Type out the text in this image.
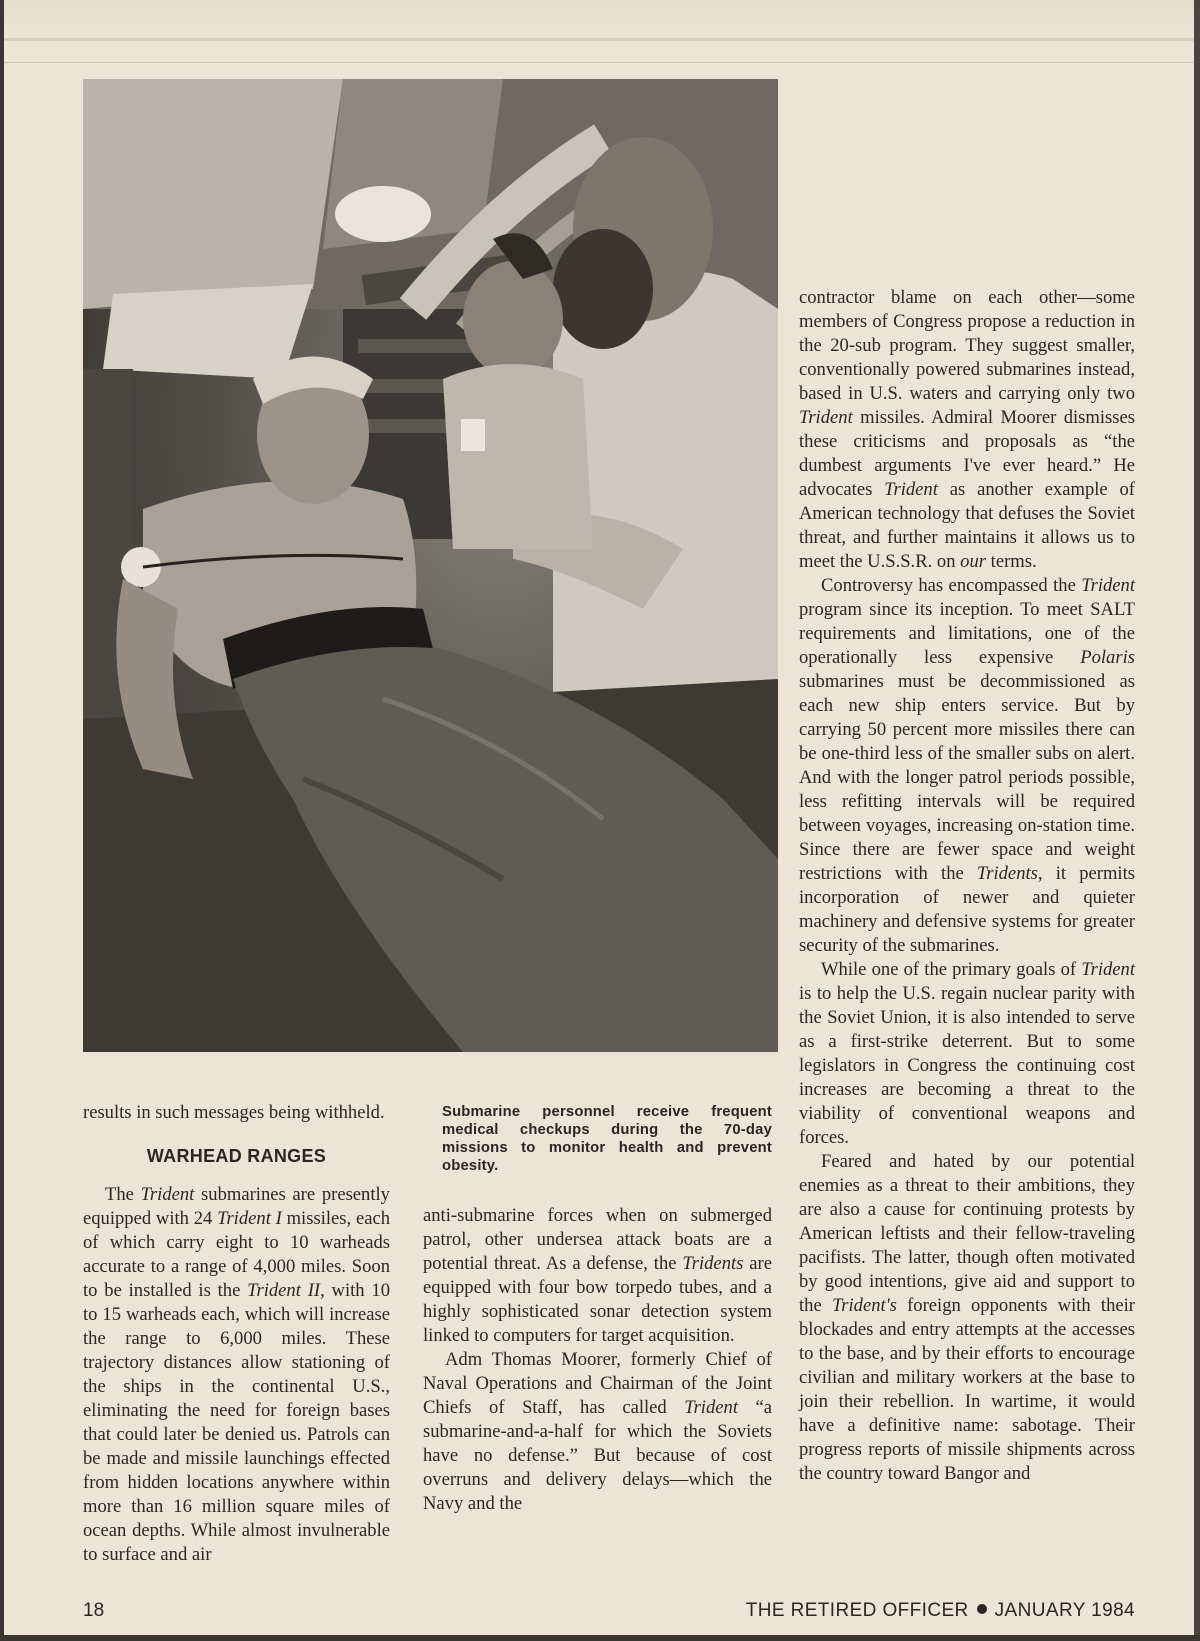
results in such messages being withheld.

WARHEAD RANGES

The Trident submarines are presently equipped with 24 Trident I missiles, each of which carry eight to 10 warheads accurate to a range of 4,000 miles. Soon to be installed is the Trident II, with 10 to 15 warheads each, which will increase the range to 6,000 miles. These trajectory distances allow stationing of the ships in the continental U.S., eliminating the need for foreign bases that could later be denied us. Patrols can be made and missile launchings effected from hidden locations anywhere within more than 16 million square miles of ocean depths. While almost invulnerable to surface and air

Submarine personnel receive frequent medical checkups during the 70-day missions to monitor health and prevent obesity.

anti-submarine forces when on submerged patrol, other undersea attack boats are a potential threat. As a defense, the Tridents are equipped with four bow torpedo tubes, and a highly sophisticated sonar detection system linked to computers for target acquisition.

Adm Thomas Moorer, formerly Chief of Naval Operations and Chairman of the Joint Chiefs of Staff, has called Trident “a submarine-and-a-half for which the Soviets have no defense.” But because of cost overruns and delivery delays—which the Navy and the

contractor blame on each other—some members of Congress propose a reduction in the 20-sub program. They suggest smaller, conventionally powered submarines instead, based in U.S. waters and carrying only two Trident missiles. Admiral Moorer dismisses these criticisms and proposals as “the dumbest arguments I've ever heard.” He advocates Trident as another example of American technology that defuses the Soviet threat, and further maintains it allows us to meet the U.S.S.R. on our terms.

Controversy has encompassed the Trident program since its inception. To meet SALT requirements and limitations, one of the operationally less expensive Polaris submarines must be decommissioned as each new ship enters service. But by carrying 50 percent more missiles there can be one-third less of the smaller subs on alert. And with the longer patrol periods possible, less refitting intervals will be required between voyages, increasing on-station time. Since there are fewer space and weight restrictions with the Tridents, it permits incorporation of newer and quieter machinery and defensive systems for greater security of the submarines.

While one of the primary goals of Trident is to help the U.S. regain nuclear parity with the Soviet Union, it is also intended to serve as a first-strike deterrent. But to some legislators in Congress the continuing cost increases are becoming a threat to the viability of conventional weapons and forces.

Feared and hated by our potential enemies as a threat to their ambitions, they are also a cause for continuing protests by American leftists and their fellow-traveling pacifists. The latter, though often motivated by good intentions, give aid and support to the Trident's foreign opponents with their blockades and entry attempts at the accesses to the base, and by their efforts to encourage civilian and military workers at the base to join their rebellion. In wartime, it would have a definitive name: sabotage. Their progress reports of missile shipments across the country toward Bangor and

18	THE RETIRED OFFICER JANUARY 1984
